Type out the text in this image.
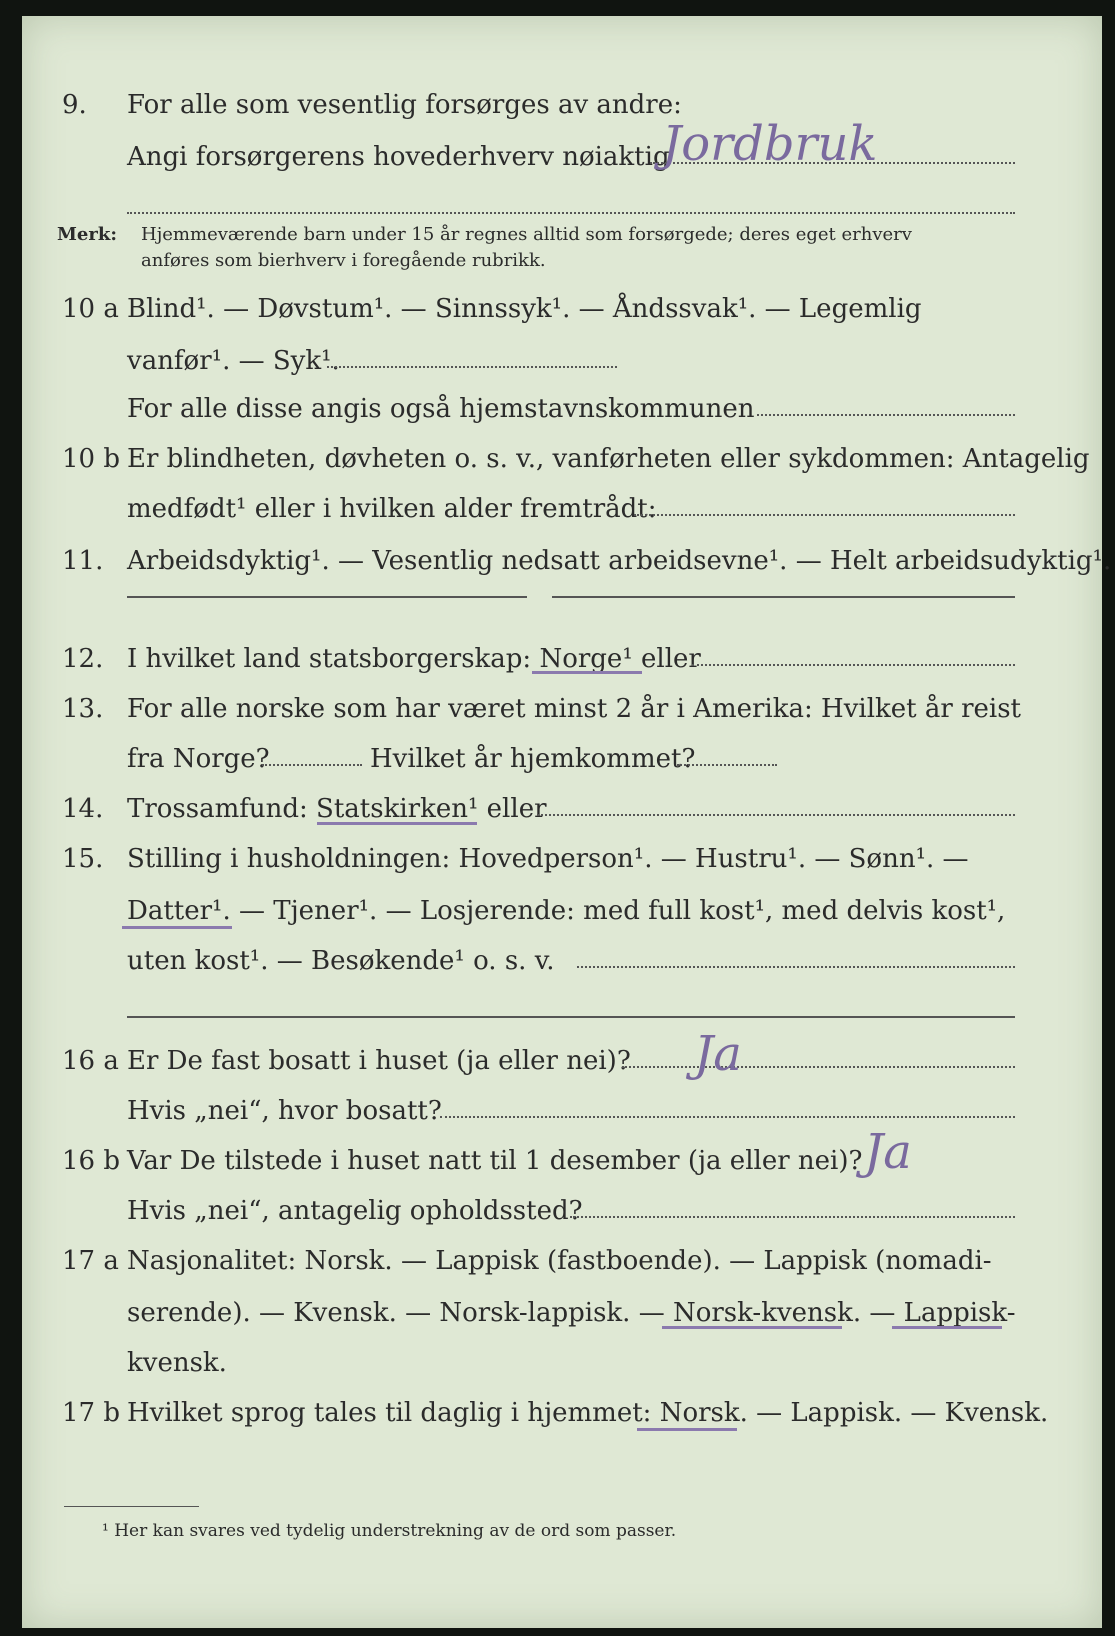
9. For alle som vesentlig forsørges av andre:
Angi forsørgerens hovederhverv nøiaktig
Jordbruk
Merk: Hjemmeværende barn under 15 år regnes alltid som forsørgede; deres eget erhverv
anføres som bierhverv i foregående rubrikk.
10 a Blind¹. — Døvstum¹. — Sinnssyk¹. — Åndssvak¹. — Legemlig
vanfør¹. — Syk¹.
For alle disse angis også hjemstavnskommunen
10 b Er blindheten, døvheten o. s. v., vanførheten eller sykdommen: Antagelig
medfødt¹ eller i hvilken alder fremtrådt:
11. Arbeidsdyktig¹. — Vesentlig nedsatt arbeidsevne¹. — Helt arbeidsudyktig¹.
12. I hvilket land statsborgerskap: Norge¹ eller
13. For alle norske som har været minst 2 år i Amerika: Hvilket år reist
fra Norge?	Hvilket år hjemkommet?
14. Trossamfund: Statskirken¹ eller
15. Stilling i husholdningen: Hovedperson¹. — Hustru¹. — Sønn¹. —
Datter¹. — Tjener¹. — Losjerende: med full kost¹, med delvis kost¹,
uten kost¹. — Besøkende¹ o. s. v.
16 a Er De fast bosatt i huset (ja eller nei)? Ja
Hvis „nei“, hvor bosatt?
16 b Var De tilstede i huset natt til 1 desember (ja eller nei)? Ja
Hvis „nei“, antagelig opholdssted?
17 a Nasjonalitet: Norsk. — Lappisk (fastboende). — Lappisk (nomadi-
serende). — Kvensk. — Norsk-lappisk. — Norsk-kvensk. — Lappisk-
kvensk.
17 b Hvilket sprog tales til daglig i hjemmet: Norsk. — Lappisk. — Kvensk.
¹ Her kan svares ved tydelig understrekning av de ord som passer.
